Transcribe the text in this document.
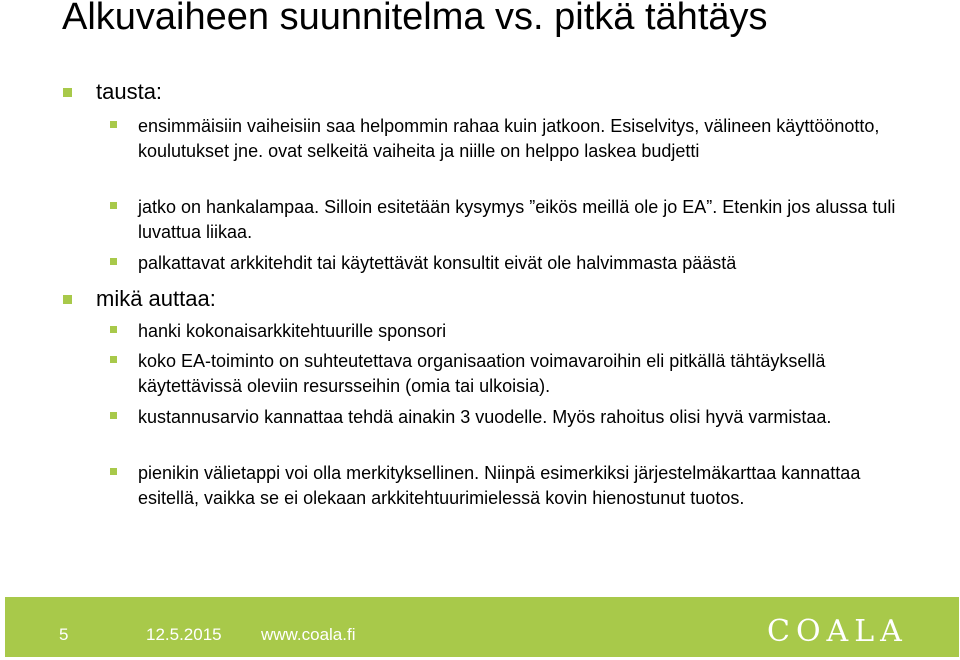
Alkuvaiheen suunnitelma vs. pitkä tähtäys
tausta:
ensimmäisiin vaiheisiin saa helpommin rahaa kuin jatkoon. Esiselvitys, välineen käyttöönotto, koulutukset jne. ovat selkeitä vaiheita ja niille on helppo laskea budjetti
jatko on hankalampaa. Silloin esitetään kysymys ”eikös meillä ole jo EA”. Etenkin jos alussa tuli luvattua liikaa.
palkattavat arkkitehdit tai käytettävät konsultit eivät ole halvimmasta päästä
mikä auttaa:
hanki kokonaisarkkitehtuurille sponsori
koko EA-toiminto on suhteutettava organisaation voimavaroihin eli pitkällä tähtäyksellä käytettävissä oleviin resursseihin (omia tai ulkoisia).
kustannusarvio kannattaa tehdä ainakin 3 vuodelle. Myös rahoitus olisi hyvä varmistaa.
pienikin välietappi voi olla merkityksellinen. Niinpä esimerkiksi järjestelmäkarttaa kannattaa esitellä, vaikka se ei olekaan arkkitehtuurimielessä kovin hienostunut tuotos.
5	12.5.2015 www.coala.fi	COALA
